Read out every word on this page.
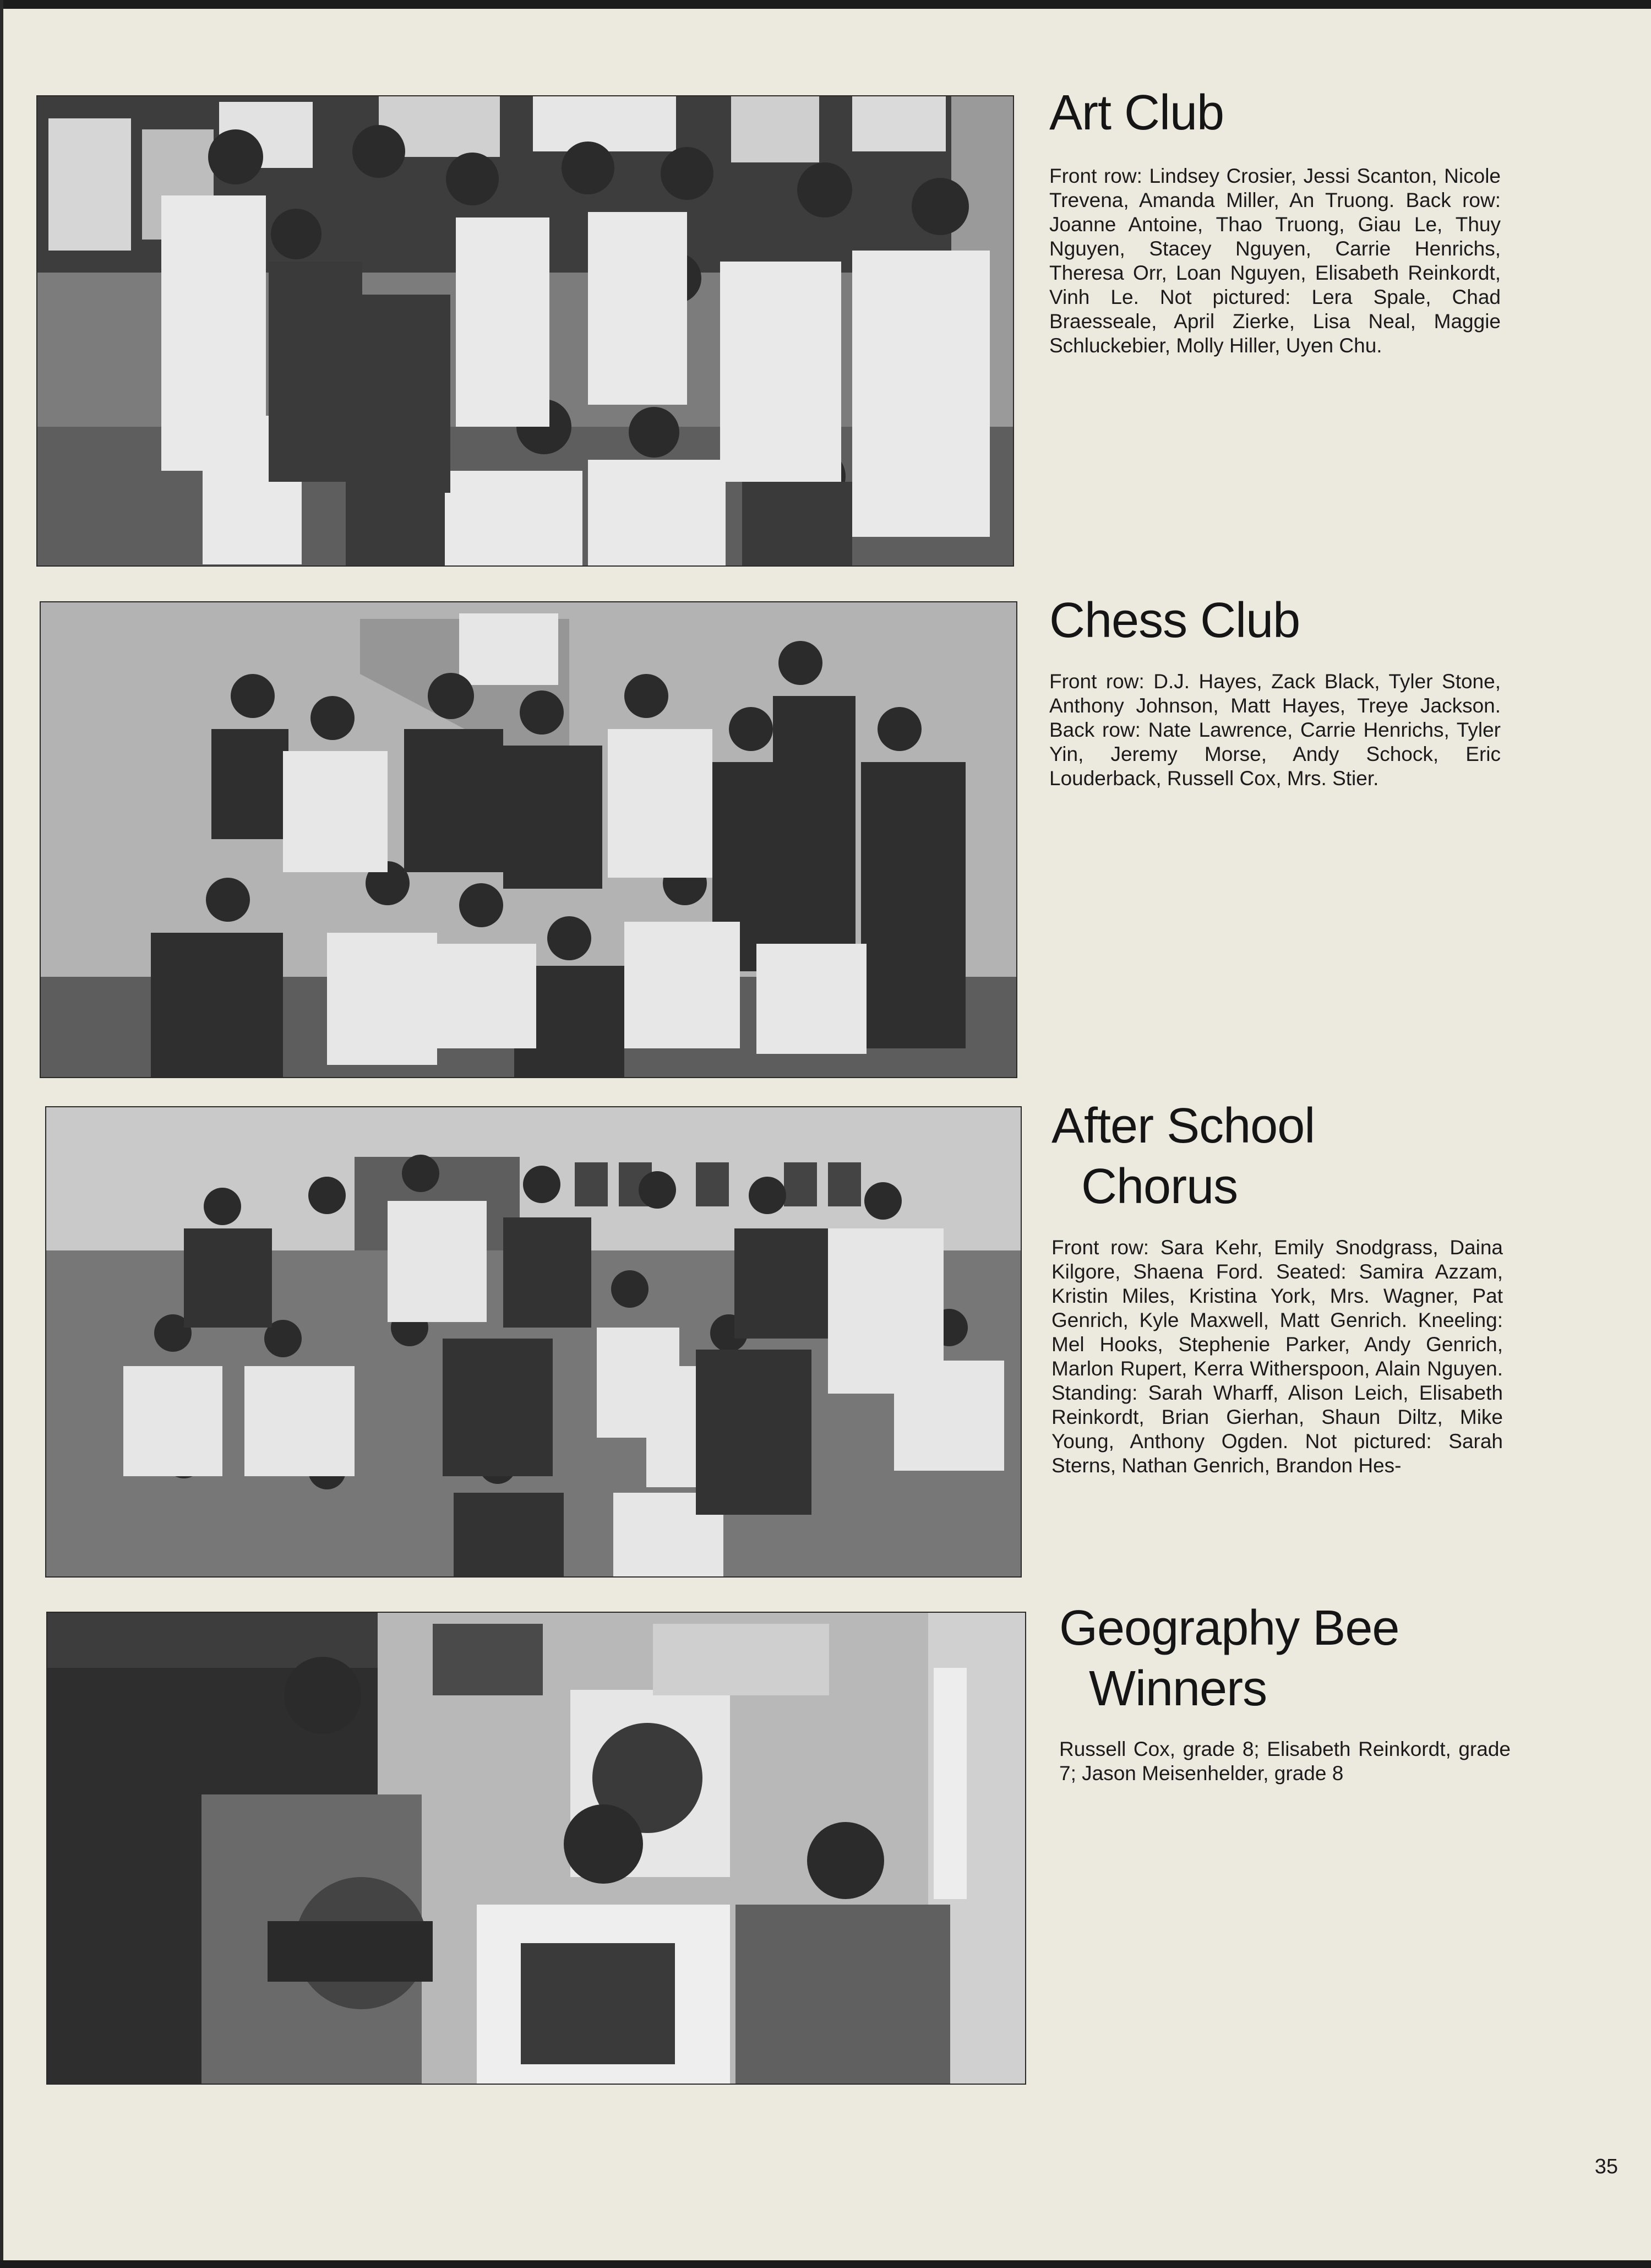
Art Club

Front row: Lindsey Crosier, Jessi Scanton, Nicole Trevena, Amanda Miller, An Truong. Back row: Joanne Antoine, Thao Truong, Giau Le, Thuy Nguyen, Stacey Nguyen, Carrie Henrichs, Theresa Orr, Loan Nguyen, Elisabeth Reinkordt, Vinh Le. Not pictured: Lera Spale, Chad Braesseale, April Zierke, Lisa Neal, Maggie Schluckebier, Molly Hiller, Uyen Chu.

Chess Club

Front row: D.J. Hayes, Zack Black, Tyler Stone, Anthony Johnson, Matt Hayes, Treye Jackson. Back row: Nate Lawrence, Carrie Henrichs, Tyler Yin, Jeremy Morse, Andy Schock, Eric Louderback, Russell Cox, Mrs. Stier.

After School
Chorus

Front row: Sara Kehr, Emily Snodgrass, Daina Kilgore, Shaena Ford. Seated: Samira Azzam, Kristin Miles, Kristina York, Mrs. Wagner, Pat Genrich, Kyle Maxwell, Matt Genrich. Kneeling: Mel Hooks, Stephenie Parker, Andy Genrich, Marlon Rupert, Kerra Witherspoon, Alain Nguyen. Standing: Sarah Wharff, Alison Leich, Elisabeth Reinkordt, Brian Gierhan, Shaun Diltz, Mike Young, Anthony Ogden. Not pictured: Sarah Sterns, Nathan Genrich, Brandon Hes-

Geography Bee
Winners

Russell Cox, grade 8; Elisabeth Reinkordt, grade 7; Jason Meisenhelder, grade 8

35
